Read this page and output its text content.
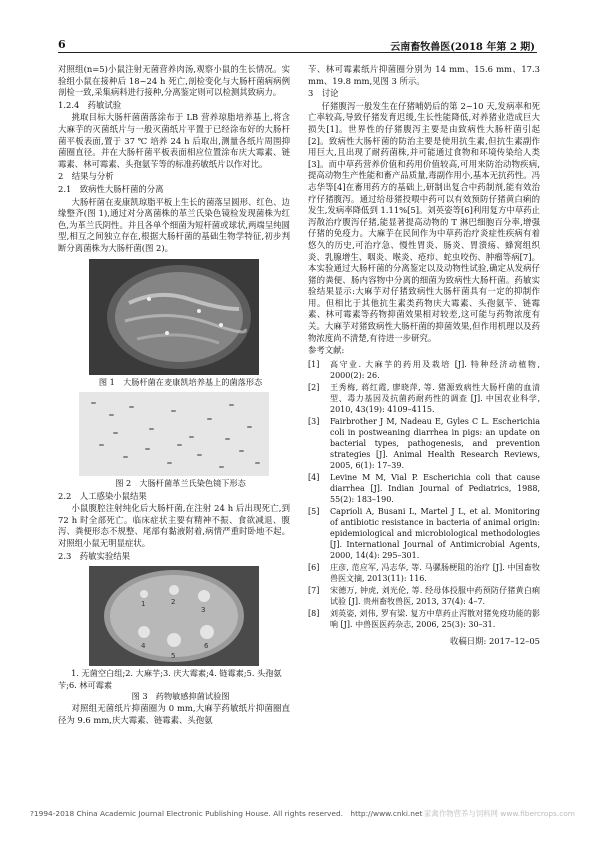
6	云南畜牧兽医(2018 年第 2 期)

对照组(n=5)小鼠注射无菌营养肉汤,观察小鼠的生长情况。实验组小鼠在接种后 18~24 h 死亡,剖检变化与大肠杆菌病病例剖检一致,采集病料进行接种,分离鉴定则可以检测其致病力。

1.2.4　药敏试验

挑取目标大肠杆菌菌落涂布于 LB 营养琼脂培养基上,将含大麻芋的灭菌纸片与一般灭菌纸片平置于已经涂布好的大肠杆菌平板表面,置于 37 ℃ 培养 24 h 后取出,测量各纸片周围抑菌圈直径。并在大肠杆菌平板表面相应位置涂布庆大霉素、链霉素、林可霉素、头孢氨苄等的标准药敏纸片以作对比。

2　结果与分析
2.1　致病性大肠杆菌的分离

大肠杆菌在麦康凯琼脂平板上生长的菌落呈圆形、红色、边缘整齐(图 1),通过对分离菌株的革兰氏染色镜检发现菌株为红色,为革兰氏阴性。并且各单个细菌为短杆菌或球状,两端呈纯圆型,相互之间独立存在,根据大肠杆菌的基础生物学特征,初步判断分离菌株为大肠杆菌(图 2)。

图 1　大肠杆菌在麦康凯培养基上的菌落形态

图 2　大肠杆菌革兰氏染色镜下形态

2.2　人工感染小鼠结果

小鼠腹腔注射纯化后大肠杆菌,在注射 24 h 后出现死亡,到 72 h 时全部死亡。临床症状主要有精神不振、食欲减退、腹泻、粪便形态不规整、尾部有黏液附着,病情严重时卧地不起。对照组小鼠无明显症状。

2.3　药敏实验结果
1	2
3
4
5
6

1. 无菌空白组;2. 大麻芋;3. 庆大霉素;4. 链霉素;5. 头孢氨苄;6. 林可霉素

图 3　药物敏感抑菌试验图

对照组无菌纸片抑菌圈为 0 mm,大麻芋药敏纸片抑菌圈直径为 9.6 mm,庆大霉素、链霉素、头孢氨

苄、林可霉素纸片抑菌圈分别为 14 mm、15.6 mm、17.3 mm、19.8 mm,见图 3 所示。

3　讨论

仔猪腹泻一般发生在仔猪哺奶后的第 2~10 天,发病率和死亡率较高,导致仔猪发育迟缓,生长性能降低,对养猪业造成巨大损失[1]。世界性的仔猪腹泻主要是由致病性大肠杆菌引起[2]。致病性大肠杆菌的防治主要是使用抗生素,但抗生素副作用巨大,且出现了耐药菌株,并可能通过食物和环境传染给人类[3]。而中草药营养价值和药用价值较高,可用来防治动物疾病,提高动物生产性能和畜产品质量,毒副作用小,基本无抗药性。冯志华等[4]在畜用药方的基础上,研制出复合中药制剂,能有效治疗仔猪腹泻。通过给母猪投喂中药可以有效预防仔猪黄白痢的发生,发病率降低到 1.11%[5]。刘英姿等[6]利用复方中草药止泻散治疗腹泻仔猪,能显著提高动物的 T 淋巴细胞百分率,增强仔猪的免疫力。大麻芋在民间作为中草药治疗炎症性疾病有着悠久的历史,可治疗急、慢性胃炎、肠炎、胃溃疡、蜂窝组织炎、乳腺增生、咽炎、喉炎、疮疖、蛇虫咬伤、肿瘤等病[7]。本实验通过大肠杆菌的分离鉴定以及动物性试验,确定从发病仔猪的粪便、肠内容物中分离的细菌为致病性大肠杆菌。药敏实验结果显示:大麻芋对仔猪致病性大肠杆菌具有一定的抑制作用。但相比于其他抗生素类药物庆大霉素、头孢氨苄、链霉素、林可霉素等药物抑菌效果相对较差,这可能与药物浓度有关。大麻芋对猪致病性大肠杆菌的抑菌效果,但作用机理以及药物浓度尚不清楚,有待进一步研究。

参考文献:
[1]	高守业. 大麻芋的药用及栽培 [J]. 特种经济动植物, 2000(2): 26.
[2]	王秀梅, 蒋红霞, 廖晓萍, 等. 猪源致病性大肠杆菌的血清型、毒力基因及抗菌药耐药性的调查 [J]. 中国农业科学, 2010, 43(19): 4109–4115.
[3]	Fairbrother J M, Nadeau E, Gyles C L. Escherichia coli in postweaning diarrhea in pigs: an update on bacterial types, pathogenesis, and prevention strategies [J]. Animal Health Research Reviews, 2005, 6(1): 17–39.
[4]	Levine M M, Vial P. Escherichia coli that cause diarrhea [J]. Indian Journal of Pediatrics, 1988, 55(2): 183–190.
[5]	Caprioli A, Busani L, Martel J L, et al. Monitoring of antibiotic resistance in bacteria of animal origin: epidemiological and microbiological methodologies [J]. International Journal of Antimicrobial Agents, 2000, 14(4): 295–301.
[6]	庄彦, 范应军, 冯志华, 等. 马骡肠梗阻的治疗 [J]. 中国畜牧兽医文摘, 2013(11): 116.
[7]	宋德万, 钟虎, 刘光伦, 等. 经母体投服中药预防仔猪黄白痢试验 [J]. 贵州畜牧兽医, 2013, 37(4): 4–7.
[8]	刘英姿, 刘伟, 罗有梁. 复方中草药止泻散对猪免疫功能的影响 [J]. 中兽医医药杂志, 2006, 25(3): 30–31.
收稿日期: 2017–12–05
?1994-2018 China Academic Journal Electronic Publishing House. All rights reserved.　http://www.cnki.net 家禽作物营养与饲料网 www.fibercrops.com
